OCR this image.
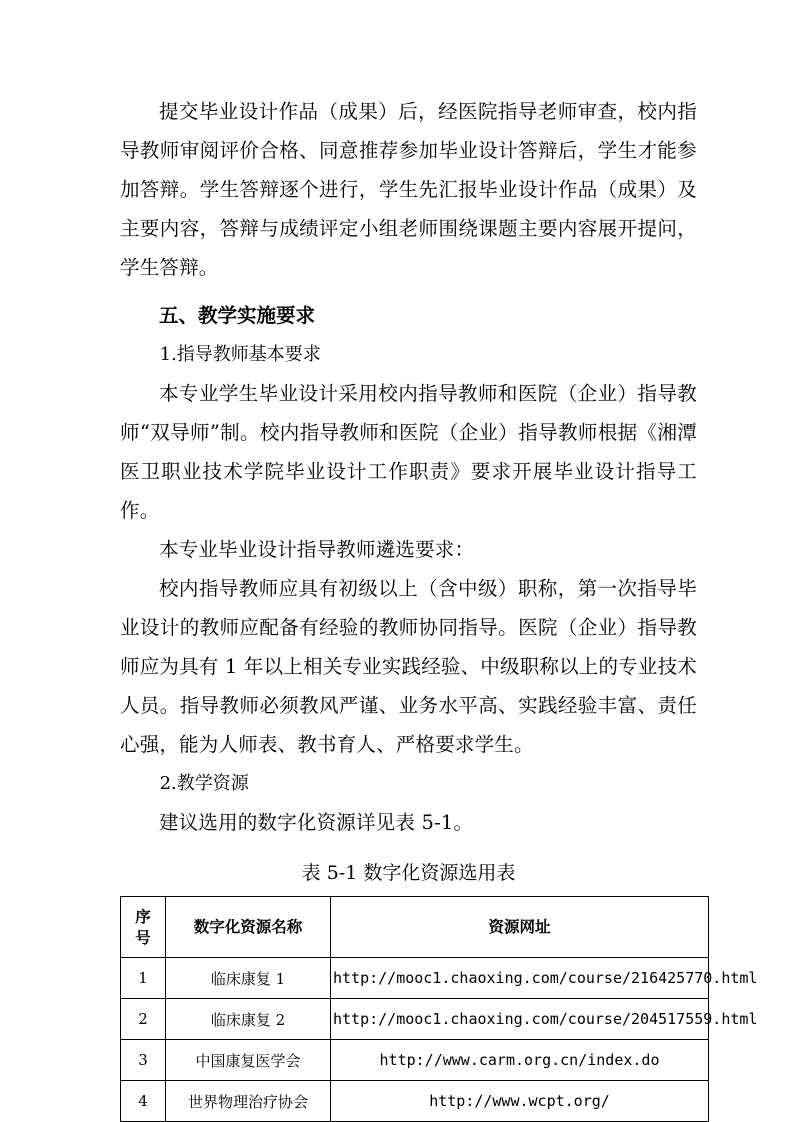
提交毕业设计作品（成果）后，经医院指导老师审查，校内指导教师审阅评价合格、同意推荐参加毕业设计答辩后，学生才能参加答辩。学生答辩逐个进行，学生先汇报毕业设计作品（成果）及主要内容，答辩与成绩评定小组老师围绕课题主要内容展开提问，学生答辩。

五、教学实施要求

1.指导教师基本要求

本专业学生毕业设计采用校内指导教师和医院（企业）指导教师“双导师”制。校内指导教师和医院（企业）指导教师根据《湘潭医卫职业技术学院毕业设计工作职责》要求开展毕业设计指导工作。

本专业毕业设计指导教师遴选要求：

校内指导教师应具有初级以上（含中级）职称，第一次指导毕业设计的教师应配备有经验的教师协同指导。医院（企业）指导教师应为具有 1 年以上相关专业实践经验、中级职称以上的专业技术人员。指导教师必须教风严谨、业务水平高、实践经验丰富、责任心强，能为人师表、教书育人、严格要求学生。

2.教学资源

建议选用的数字化资源详见表 5-1。

表 5-1 数字化资源选用表

序
号	数字化资源名称	资源网址
1	临床康复 1	http://mooc1.chaoxing.com/course/216425770.html
2	临床康复 2	http://mooc1.chaoxing.com/course/204517559.html
3	中国康复医学会	http://www.carm.org.cn/index.do
4	世界物理治疗协会	http://www.wcpt.org/
